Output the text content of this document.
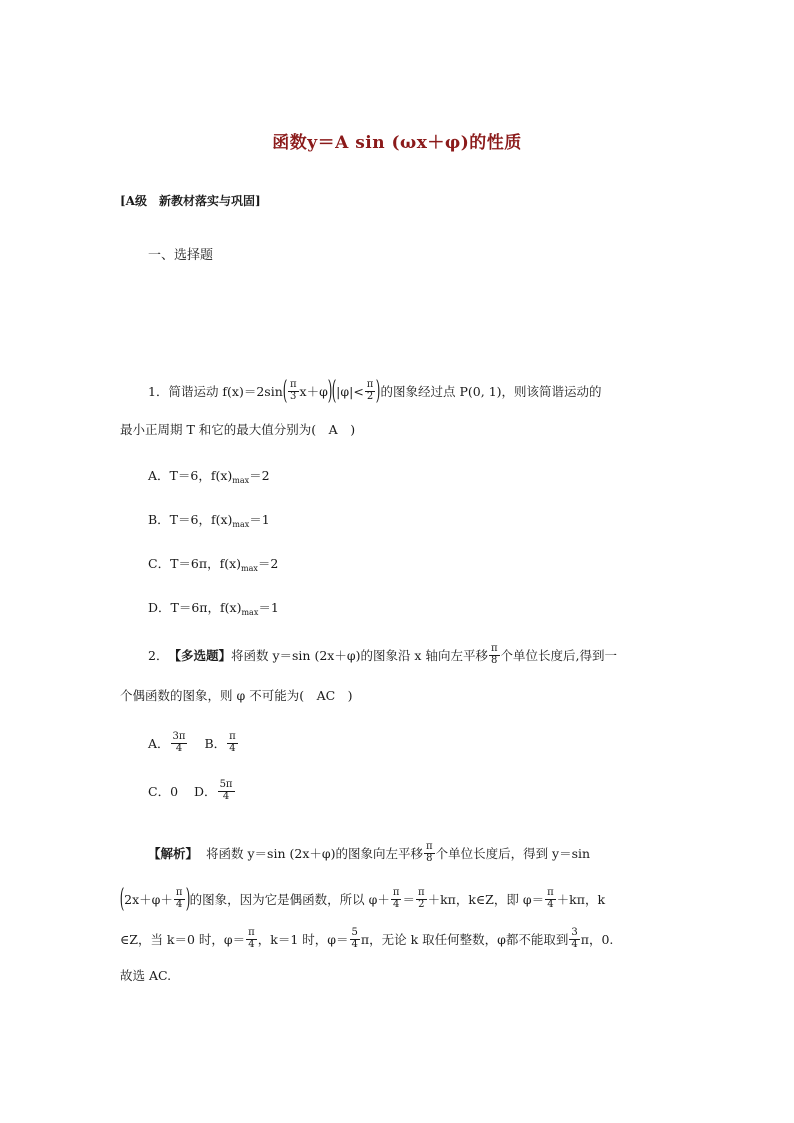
函数y＝A sin (ωx＋φ)的性质
[A级　新教材落实与巩固]
一、选择题
1．简谐运动 f(x)＝2sin ( $\frac{\pi}{3} x+\varphi$ ) ( $|\varphi|< \frac{\pi}{2}$ ) 的图象经过点 P(0, 1)，则该简谐运动的
最小正周期 T 和它的最大值分别为(　A　)
A．T＝6，$f(x)_{max}=2$
B．T＝6，$f(x)_{max}=1$
C．T＝6π，$f(x)_{max}=2$
D．T＝6π，$f(x)_{max}=1$
2． 【多选题】 将函数 y＝sin (2x＋φ)的图象沿 x 轴向左平移 $\frac{\pi}{8}$ 个单位长度后,得到一
个偶函数的图象，则 φ 不可能为(　AC　)
A． $\frac{3\pi}{4}$ B． $\frac{\pi}{4}$
C．0 D． $\frac{5\pi}{4}$
【解析】 将函数 y＝sin (2x＋φ)的图象向左平移 $\frac{\pi}{8}$ 个单位长度后，得到 y＝sin
( $2x+\varphi+ \frac{\pi}{4}$ ) 的图象，因为它是偶函数，所以 $\varphi+ \frac{\pi}{4} = \frac{\pi}{2} +k\pi$，k∈Z，即 $\varphi= \frac{\pi}{4} +k\pi$，k
∈Z，当 k＝0 时，$\varphi= \frac{\pi}{4}$ ，k＝1 时，$\varphi= \frac{5}{4}$ π，无论 k 取任何整数，φ都不能取到 $\frac{3}{4}$ π，0.
故选 AC.
